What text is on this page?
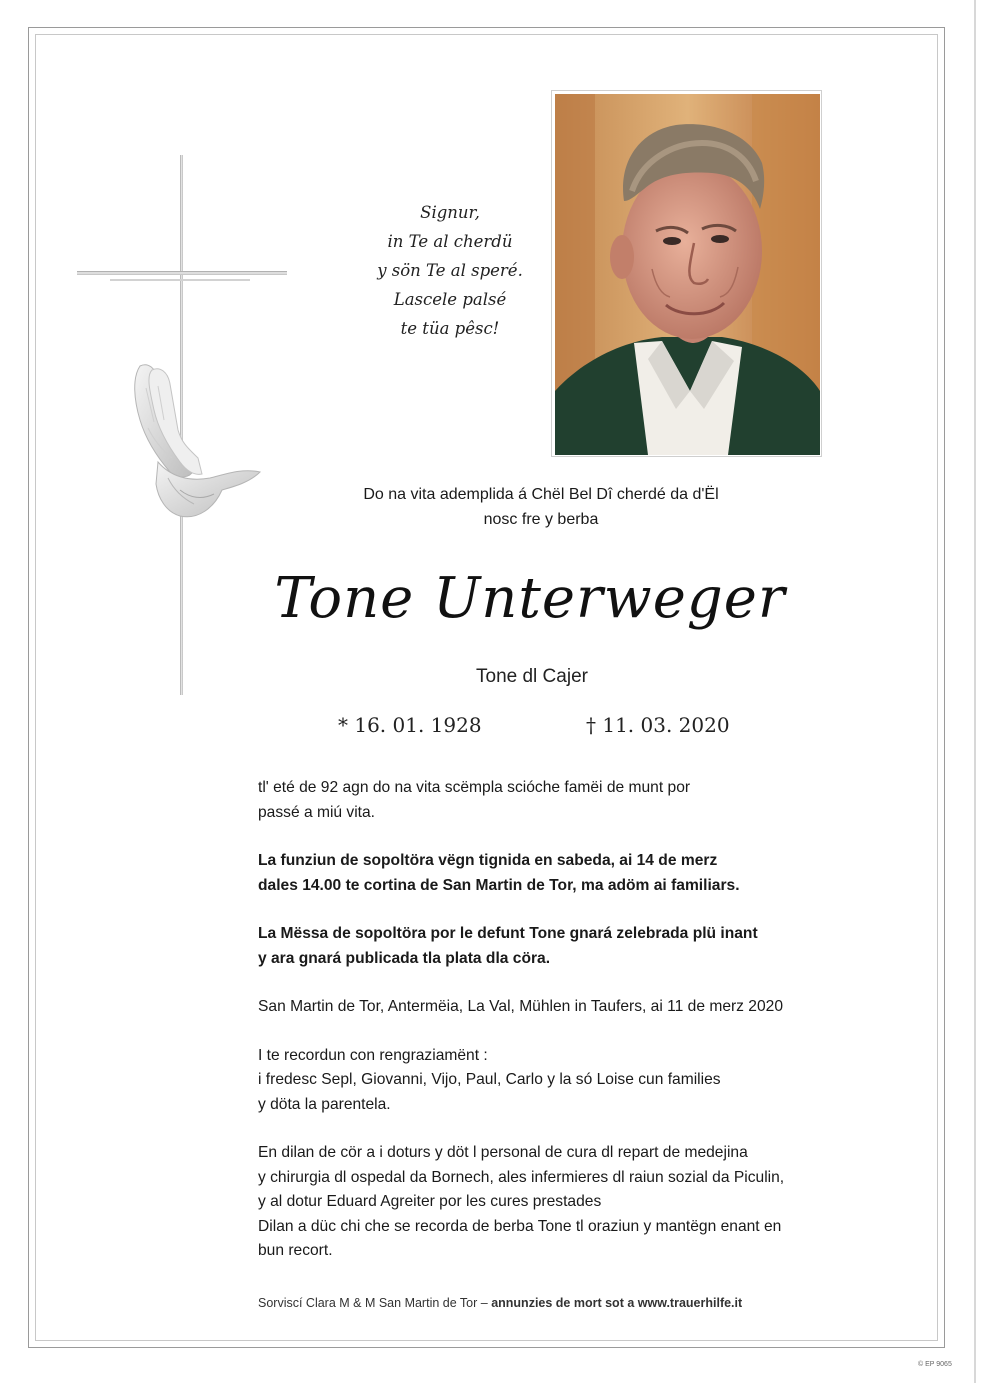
Signur,
in Te al cherdü
y sön Te al speré.
Lascele palsé
te tüa pêsc!
Do na vita ademplida á Chël Bel Dî cherdé da d'Ël
nosc fre y berba
Tone Unterweger
Tone dl Cajer
* 16. 01. 1928	† 11. 03. 2020

tl' eté de 92 agn do na vita scëmpla scióche famëi de munt por
passé a miú vita.

La funziun de sopoltöra vëgn tignida en sabeda, ai 14 de merz
dales 14.00 te cortina de San Martin de Tor, ma adöm ai familiars.

La Mëssa de sopoltöra por le defunt Tone gnará zelebrada plü inant
y ara gnará publicada tla plata dla cöra.

San Martin de Tor, Antermëia, La Val, Mühlen in Taufers, ai 11 de merz 2020

I te recordun con rengraziamënt :
i fredesc Sepl, Giovanni, Vijo, Paul, Carlo y la só Loise cun families
y döta la parentela.

En dilan de cör a i doturs y döt l personal de cura dl repart de medejina
y chirurgia dl ospedal da Bornech, ales infermieres dl raiun sozial da Piculin,
y al dotur Eduard Agreiter por les cures prestades
Dilan a düc chi che se recorda de berba Tone tl oraziun y mantëgn enant en
bun recort.

Sorviscí Clara M & M San Martin de Tor – annunzies de mort sot a www.trauerhilfe.it
© EP 9065
